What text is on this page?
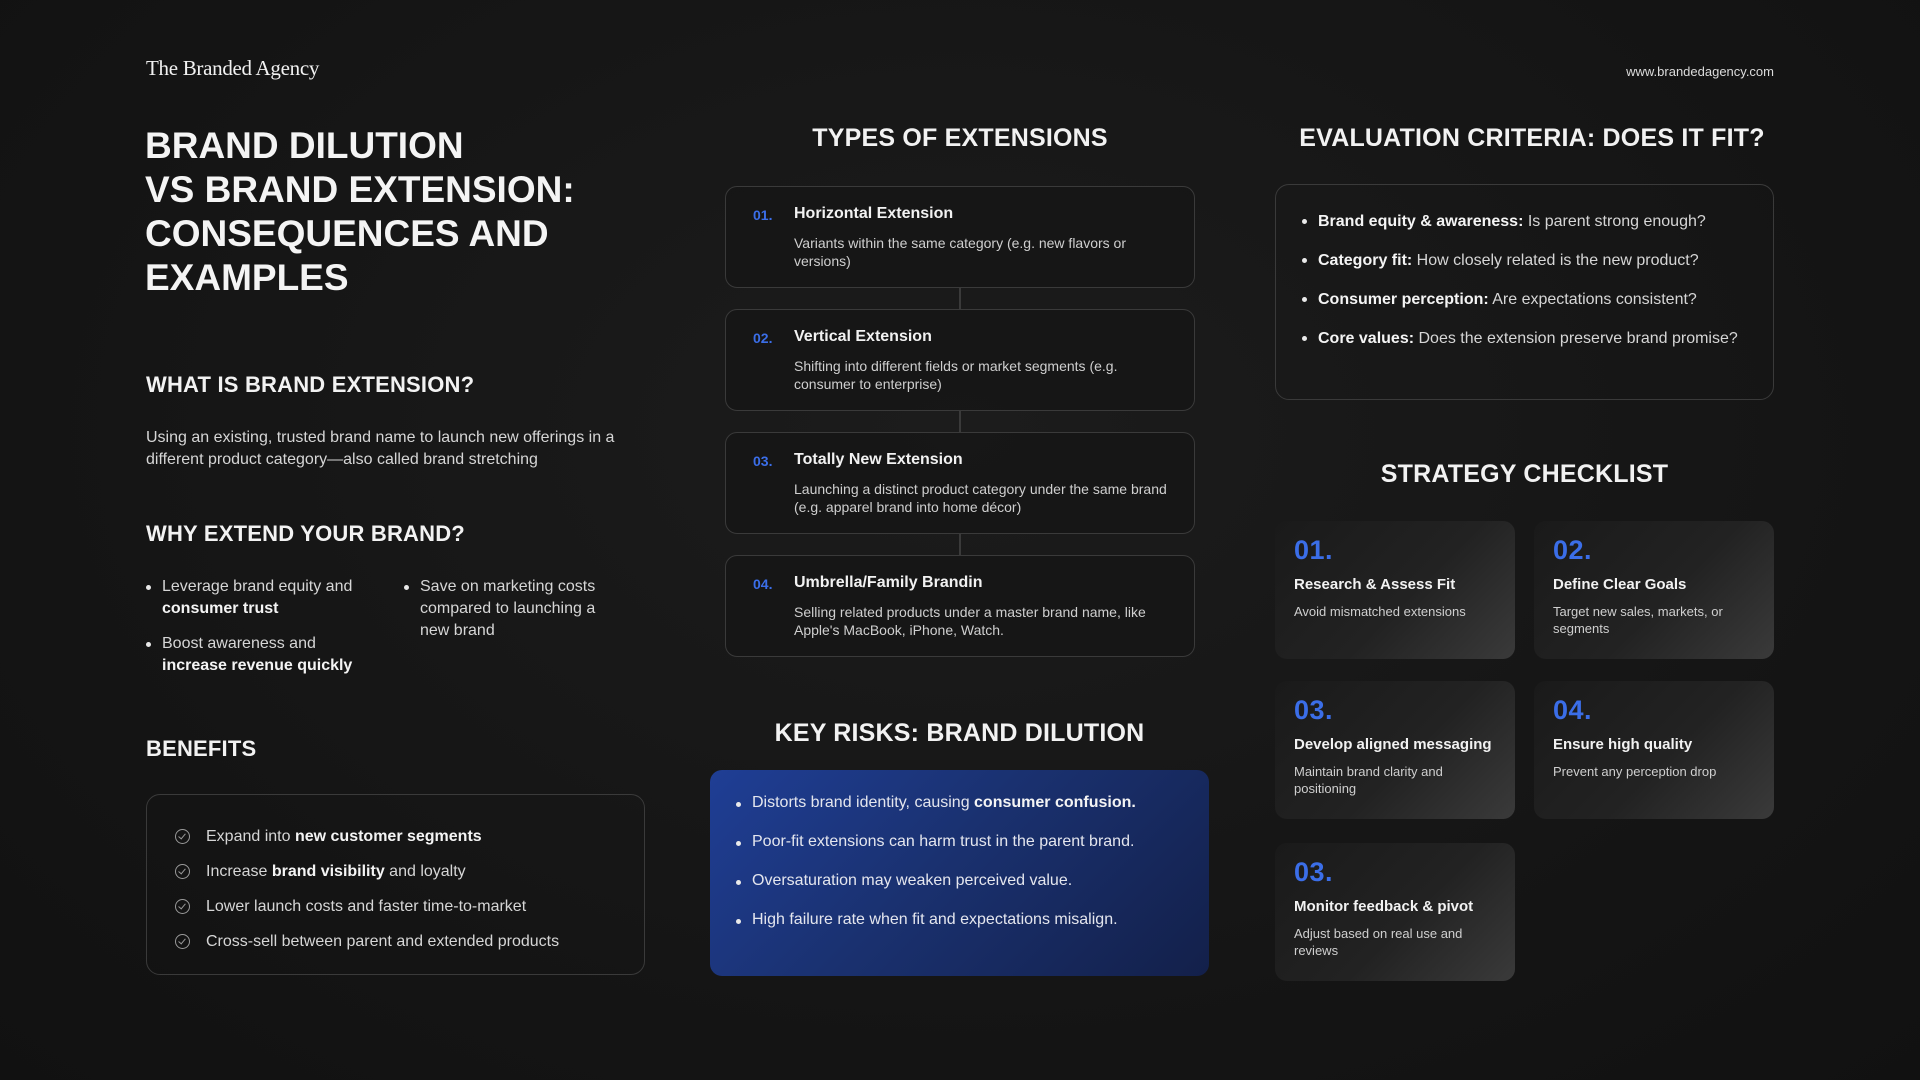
The Branded Agency	www.brandedagency.com
BRAND DILUTION
VS BRAND EXTENSION:
CONSEQUENCES AND
EXAMPLES
WHAT IS BRAND EXTENSION?
Using an existing, trusted brand name to launch new offerings in a different product category—also called brand stretching
WHY EXTEND YOUR BRAND?
Leverage brand equity and consumer trust
Boost awareness and increase revenue quickly
Save on marketing costs compared to launching a new brand
BENEFITS
Expand into new customer segments
Increase brand visibility and loyalty
Lower launch costs and faster time-to-market
Cross-sell between parent and extended products
TYPES OF EXTENSIONS
01. Horizontal Extension
Variants within the same category (e.g. new flavors or versions)
02. Vertical Extension
Shifting into different fields or market segments (e.g. consumer to enterprise)
03. Totally New Extension
Launching a distinct product category under the same brand (e.g. apparel brand into home décor)
04. Umbrella/Family Brandin
Selling related products under a master brand name, like Apple's MacBook, iPhone, Watch.
KEY RISKS: BRAND DILUTION
Distorts brand identity, causing consumer confusion.
Poor-fit extensions can harm trust in the parent brand.
Oversaturation may weaken perceived value.
High failure rate when fit and expectations misalign.
EVALUATION CRITERIA: DOES IT FIT?
Brand equity & awareness: Is parent strong enough?
Category fit: How closely related is the new product?
Consumer perception: Are expectations consistent?
Core values: Does the extension preserve brand promise?
STRATEGY CHECKLIST
01.
Research & Assess Fit
Avoid mismatched extensions
02.
Define Clear Goals
Target new sales, markets, or segments
03.
Develop aligned messaging
Maintain brand clarity and positioning
04.
Ensure high quality
Prevent any perception drop
03.
Monitor feedback & pivot
Adjust based on real use and reviews
